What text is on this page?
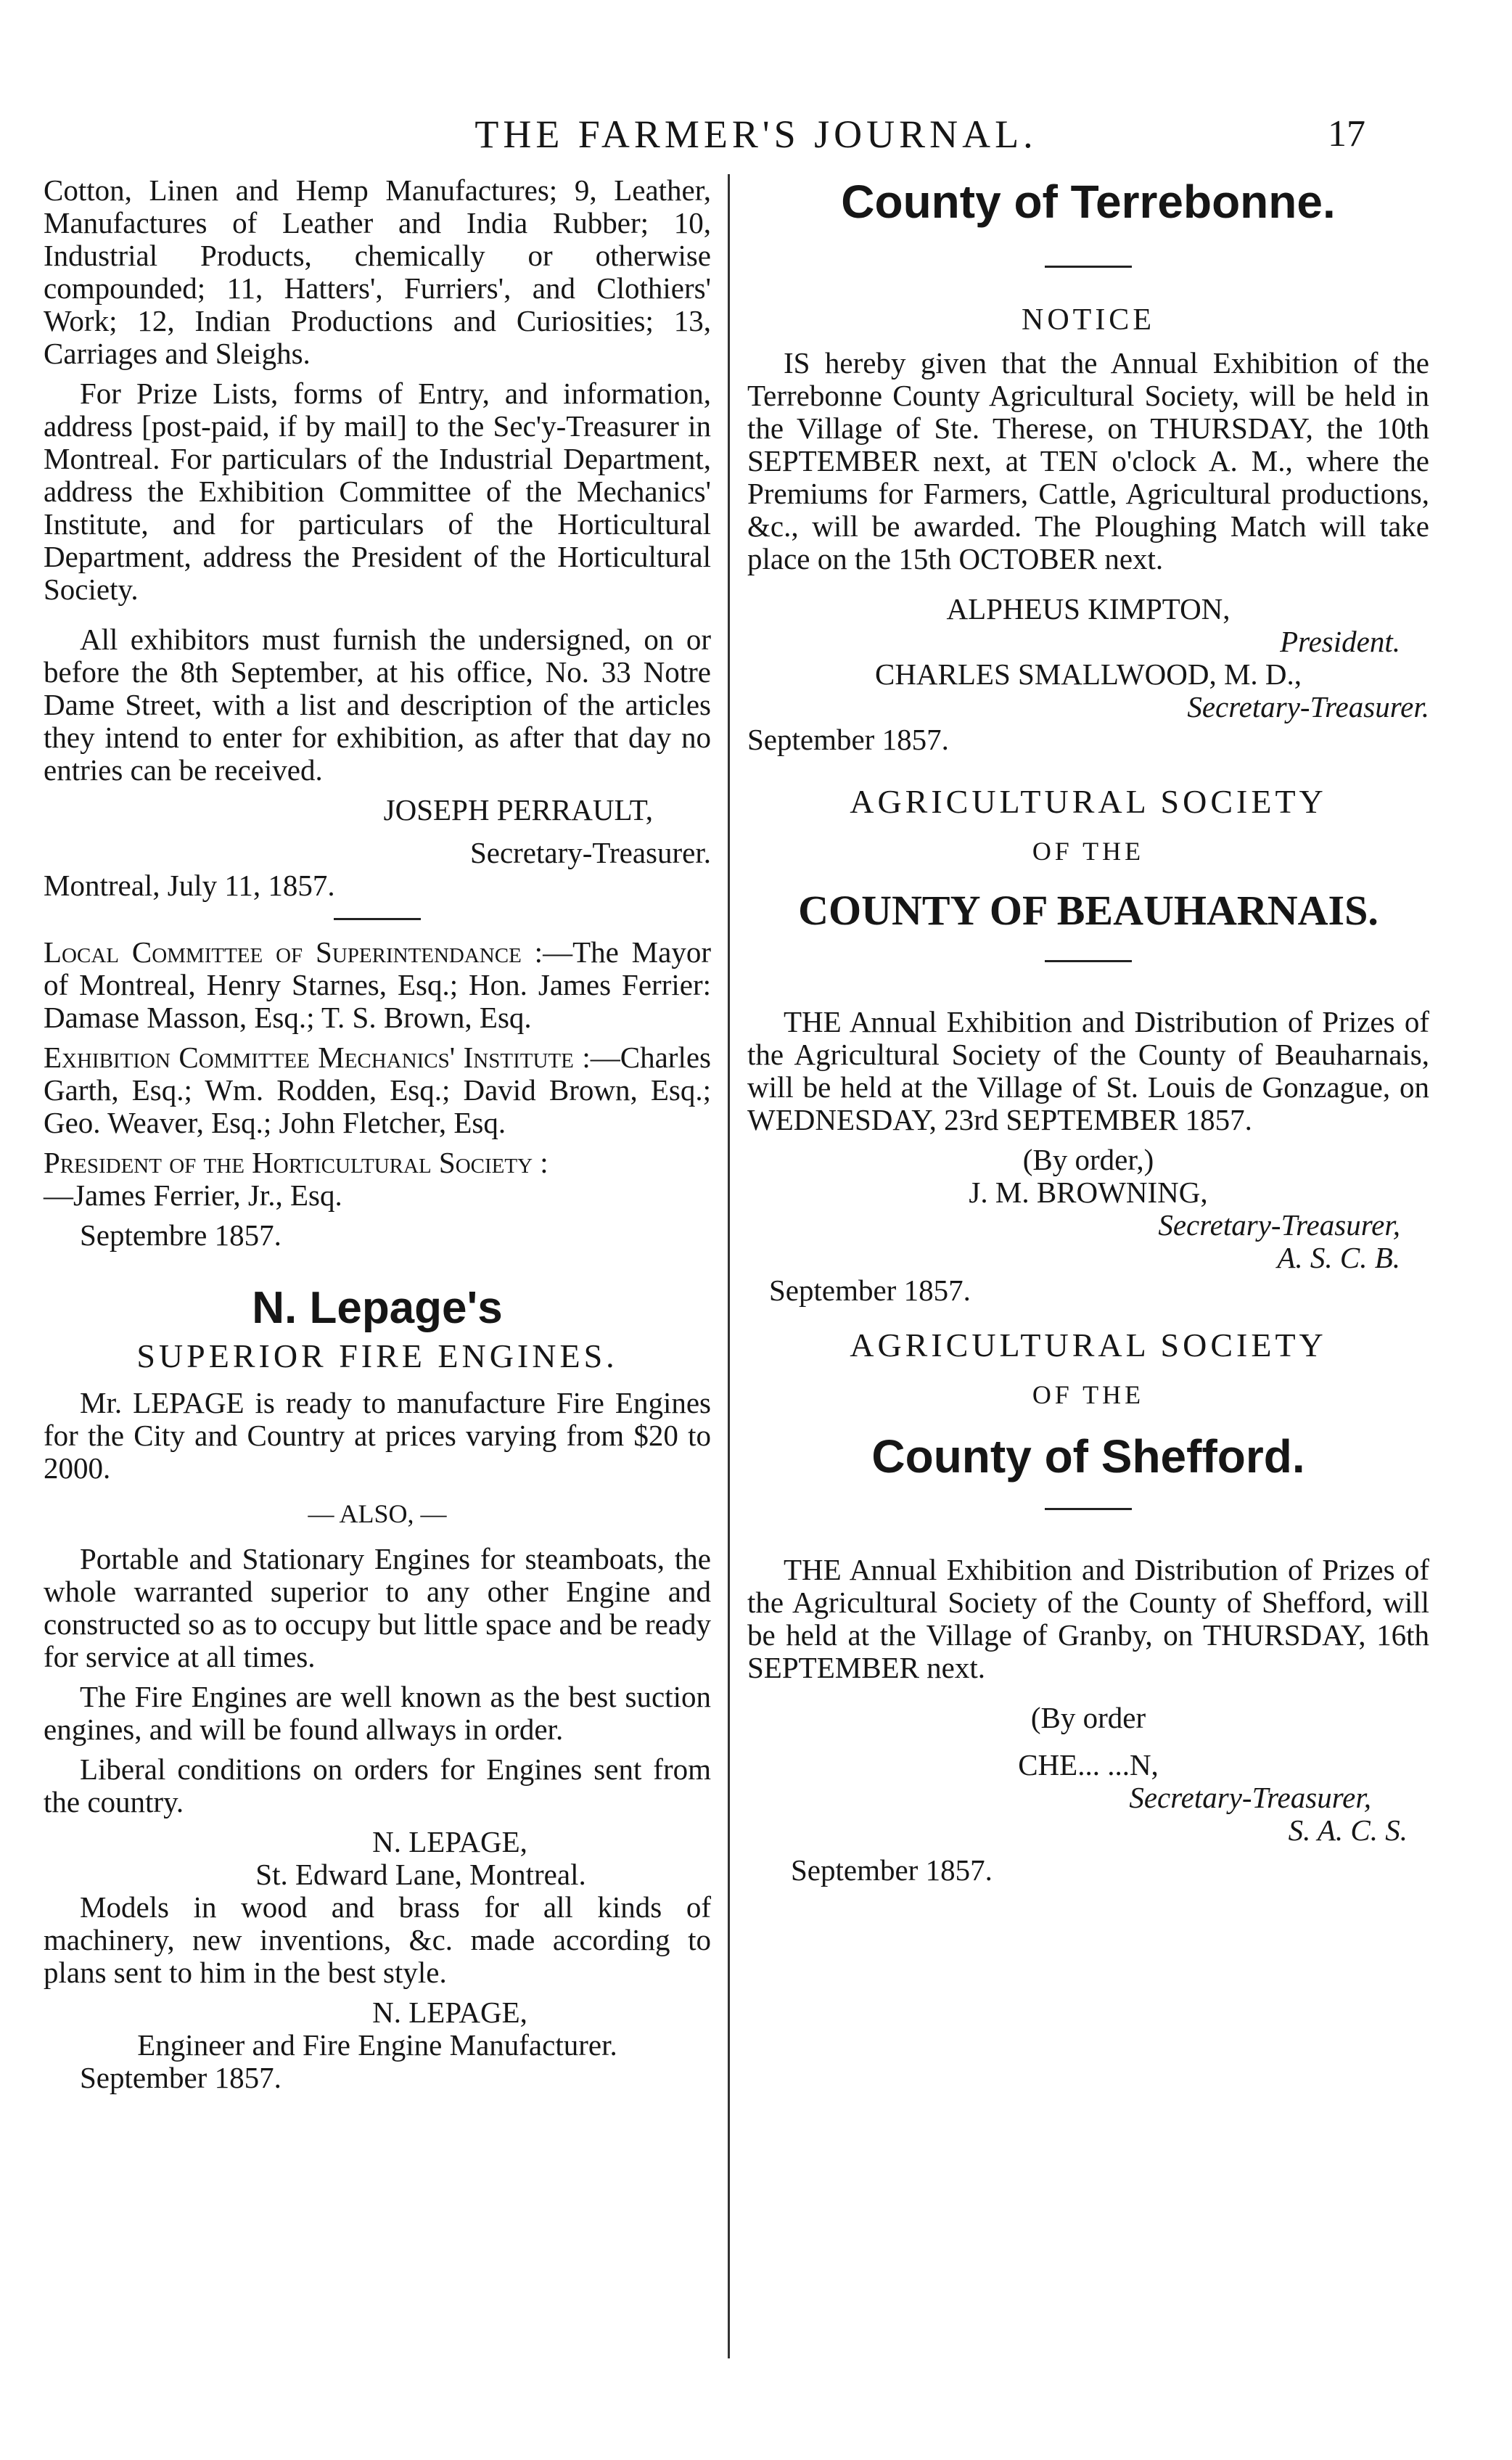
THE FARMER'S JOURNAL.	17

Cotton, Linen and Hemp Manufactures; 9, Leather, Manufactures of Leather and India Rubber; 10, Industrial Products, chemically or otherwise compounded; 11, Hatters', Furriers', and Clothiers' Work; 12, Indian Productions and Curiosities; 13, Carriages and Sleighs.

For Prize Lists, forms of Entry, and information, address [post-paid, if by mail] to the Sec'y-Treasurer in Montreal. For particulars of the Industrial Department, address the Exhibition Committee of the Mechanics' Institute, and for particulars of the Horticultural Department, address the President of the Horticultural Society.

All exhibitors must furnish the undersigned, on or before the 8th September, at his office, No. 33 Notre Dame Street, with a list and description of the articles they intend to enter for exhibition, as after that day no entries can be received.

JOSEPH PERRAULT,
Secretary-Treasurer.
Montreal, July 11, 1857.

Local Committee of Superintendance :—The Mayor of Montreal, Henry Starnes, Esq.; Hon. James Ferrier: Damase Masson, Esq.; T. S. Brown, Esq.

Exhibition Committee Mechanics' Institute :—Charles Garth, Esq.; Wm. Rodden, Esq.; David Brown, Esq.; Geo. Weaver, Esq.; John Fletcher, Esq.

President of the Horticultural Society :
—James Ferrier, Jr., Esq.

Septembre 1857.
N. Lepage's
SUPERIOR FIRE ENGINES.

Mr. LEPAGE is ready to manufacture Fire Engines for the City and Country at prices varying from $20 to 2000.

— ALSO, —

Portable and Stationary Engines for steamboats, the whole warranted superior to any other Engine and constructed so as to occupy but little space and be ready for service at all times.

The Fire Engines are well known as the best suction engines, and will be found allways in order.

Liberal conditions on orders for Engines sent from the country.

N. LEPAGE,
St. Edward Lane, Montreal.

Models in wood and brass for all kinds of machinery, new inventions, &c. made according to plans sent to him in the best style.

N. LEPAGE,
Engineer and Fire Engine Manufacturer.
September 1857.
County of Terrebonne.
NOTICE

IS hereby given that the Annual Exhibition of the Terrebonne County Agricultural Society, will be held in the Village of Ste. Therese, on THURSDAY, the 10th SEPTEMBER next, at TEN o'clock A. M., where the Premiums for Farmers, Cattle, Agricultural productions, &c., will be awarded. The Ploughing Match will take place on the 15th OCTOBER next.

ALPHEUS KIMPTON,
President.
CHARLES SMALLWOOD, M. D.,
Secretary-Treasurer.
September 1857.
AGRICULTURAL SOCIETY
OF THE
COUNTY OF BEAUHARNAIS.

THE Annual Exhibition and Distribution of Prizes of the Agricultural Society of the County of Beauharnais, will be held at the Village of St. Louis de Gonzague, on WEDNESDAY, 23rd SEPTEMBER 1857.

(By order,)
J. M. BROWNING,
Secretary-Treasurer,
A. S. C. B.
September 1857.
AGRICULTURAL SOCIETY
OF THE
County of Shefford.

THE Annual Exhibition and Distribution of Prizes of the Agricultural Society of the County of Shefford, will be held at the Village of Granby, on THURSDAY, 16th SEPTEMBER next.

(By order
CHE... ...N,
Secretary-Treasurer,
S. A. C. S.
September 1857.
